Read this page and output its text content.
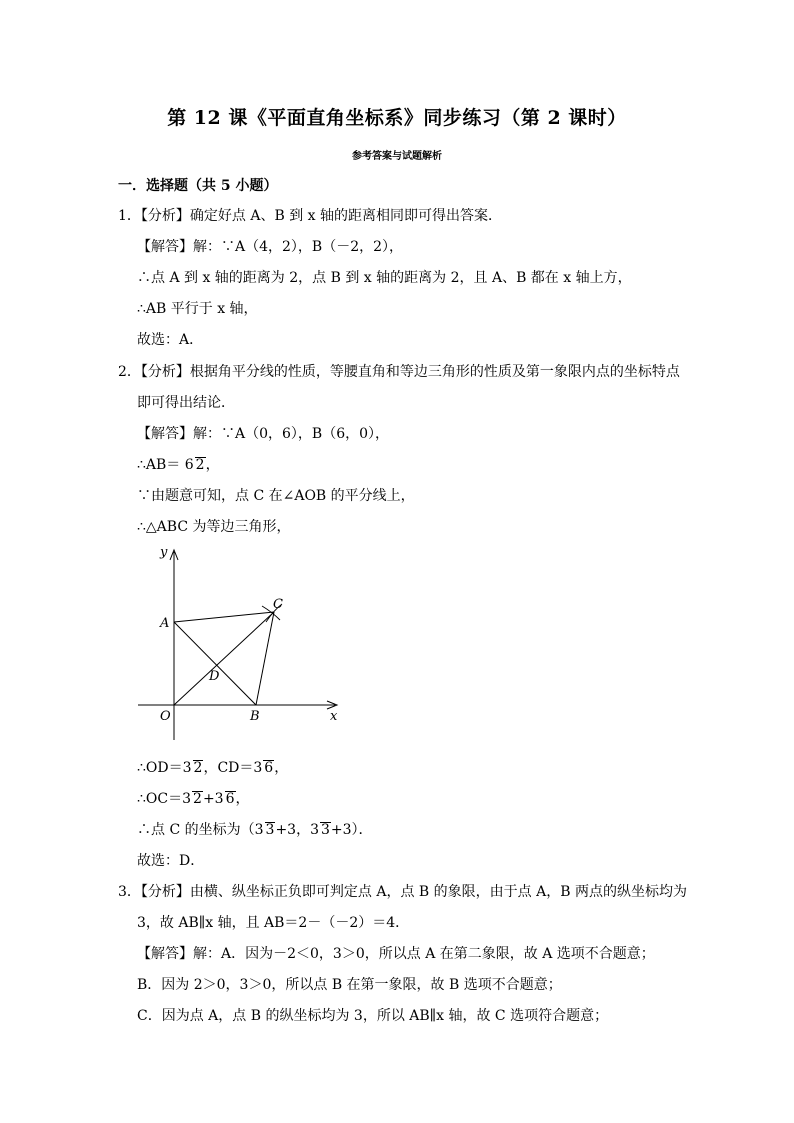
第 12 课《平面直角坐标系》同步练习（第 2 课时）
参考答案与试题解析
一．选择题（共 5 小题）
1．【分析】确定好点 A、B 到 x 轴的距离相同即可得出答案．
【解答】解：∵A（4，2），B（－2，2），
∴点 A 到 x 轴的距离为 2，点 B 到 x 轴的距离为 2，且 A、B 都在 x 轴上方，
∴AB 平行于 x 轴，
故选：A．
2．【分析】根据角平分线的性质，等腰直角和等边三角形的性质及第一象限内点的坐标特点
即可得出结论．
【解答】解：∵A（0，6），B（6，0），
∴AB＝ 6 2，
∵由题意可知，点 C 在∠AOB 的平分线上，
∴△ABC 为等边三角形，
y
x
A
B
C
D
O
∴OD＝3 2，CD＝3 6，
∴OC＝3 2+3 6，
∴点 C 的坐标为（3 3+3，3 3+3）．
故选：D．
3．【分析】由横、纵坐标正负即可判定点 A，点 B 的象限，由于点 A，B 两点的纵坐标均为
3，故 AB∥x 轴，且 AB＝2－（－2）＝4．
【解答】解：A．因为－2＜0，3＞0，所以点 A 在第二象限，故 A 选项不合题意；
B．因为 2＞0，3＞0，所以点 B 在第一象限，故 B 选项不合题意；
C．因为点 A，点 B 的纵坐标均为 3，所以 AB∥x 轴，故 C 选项符合题意；
